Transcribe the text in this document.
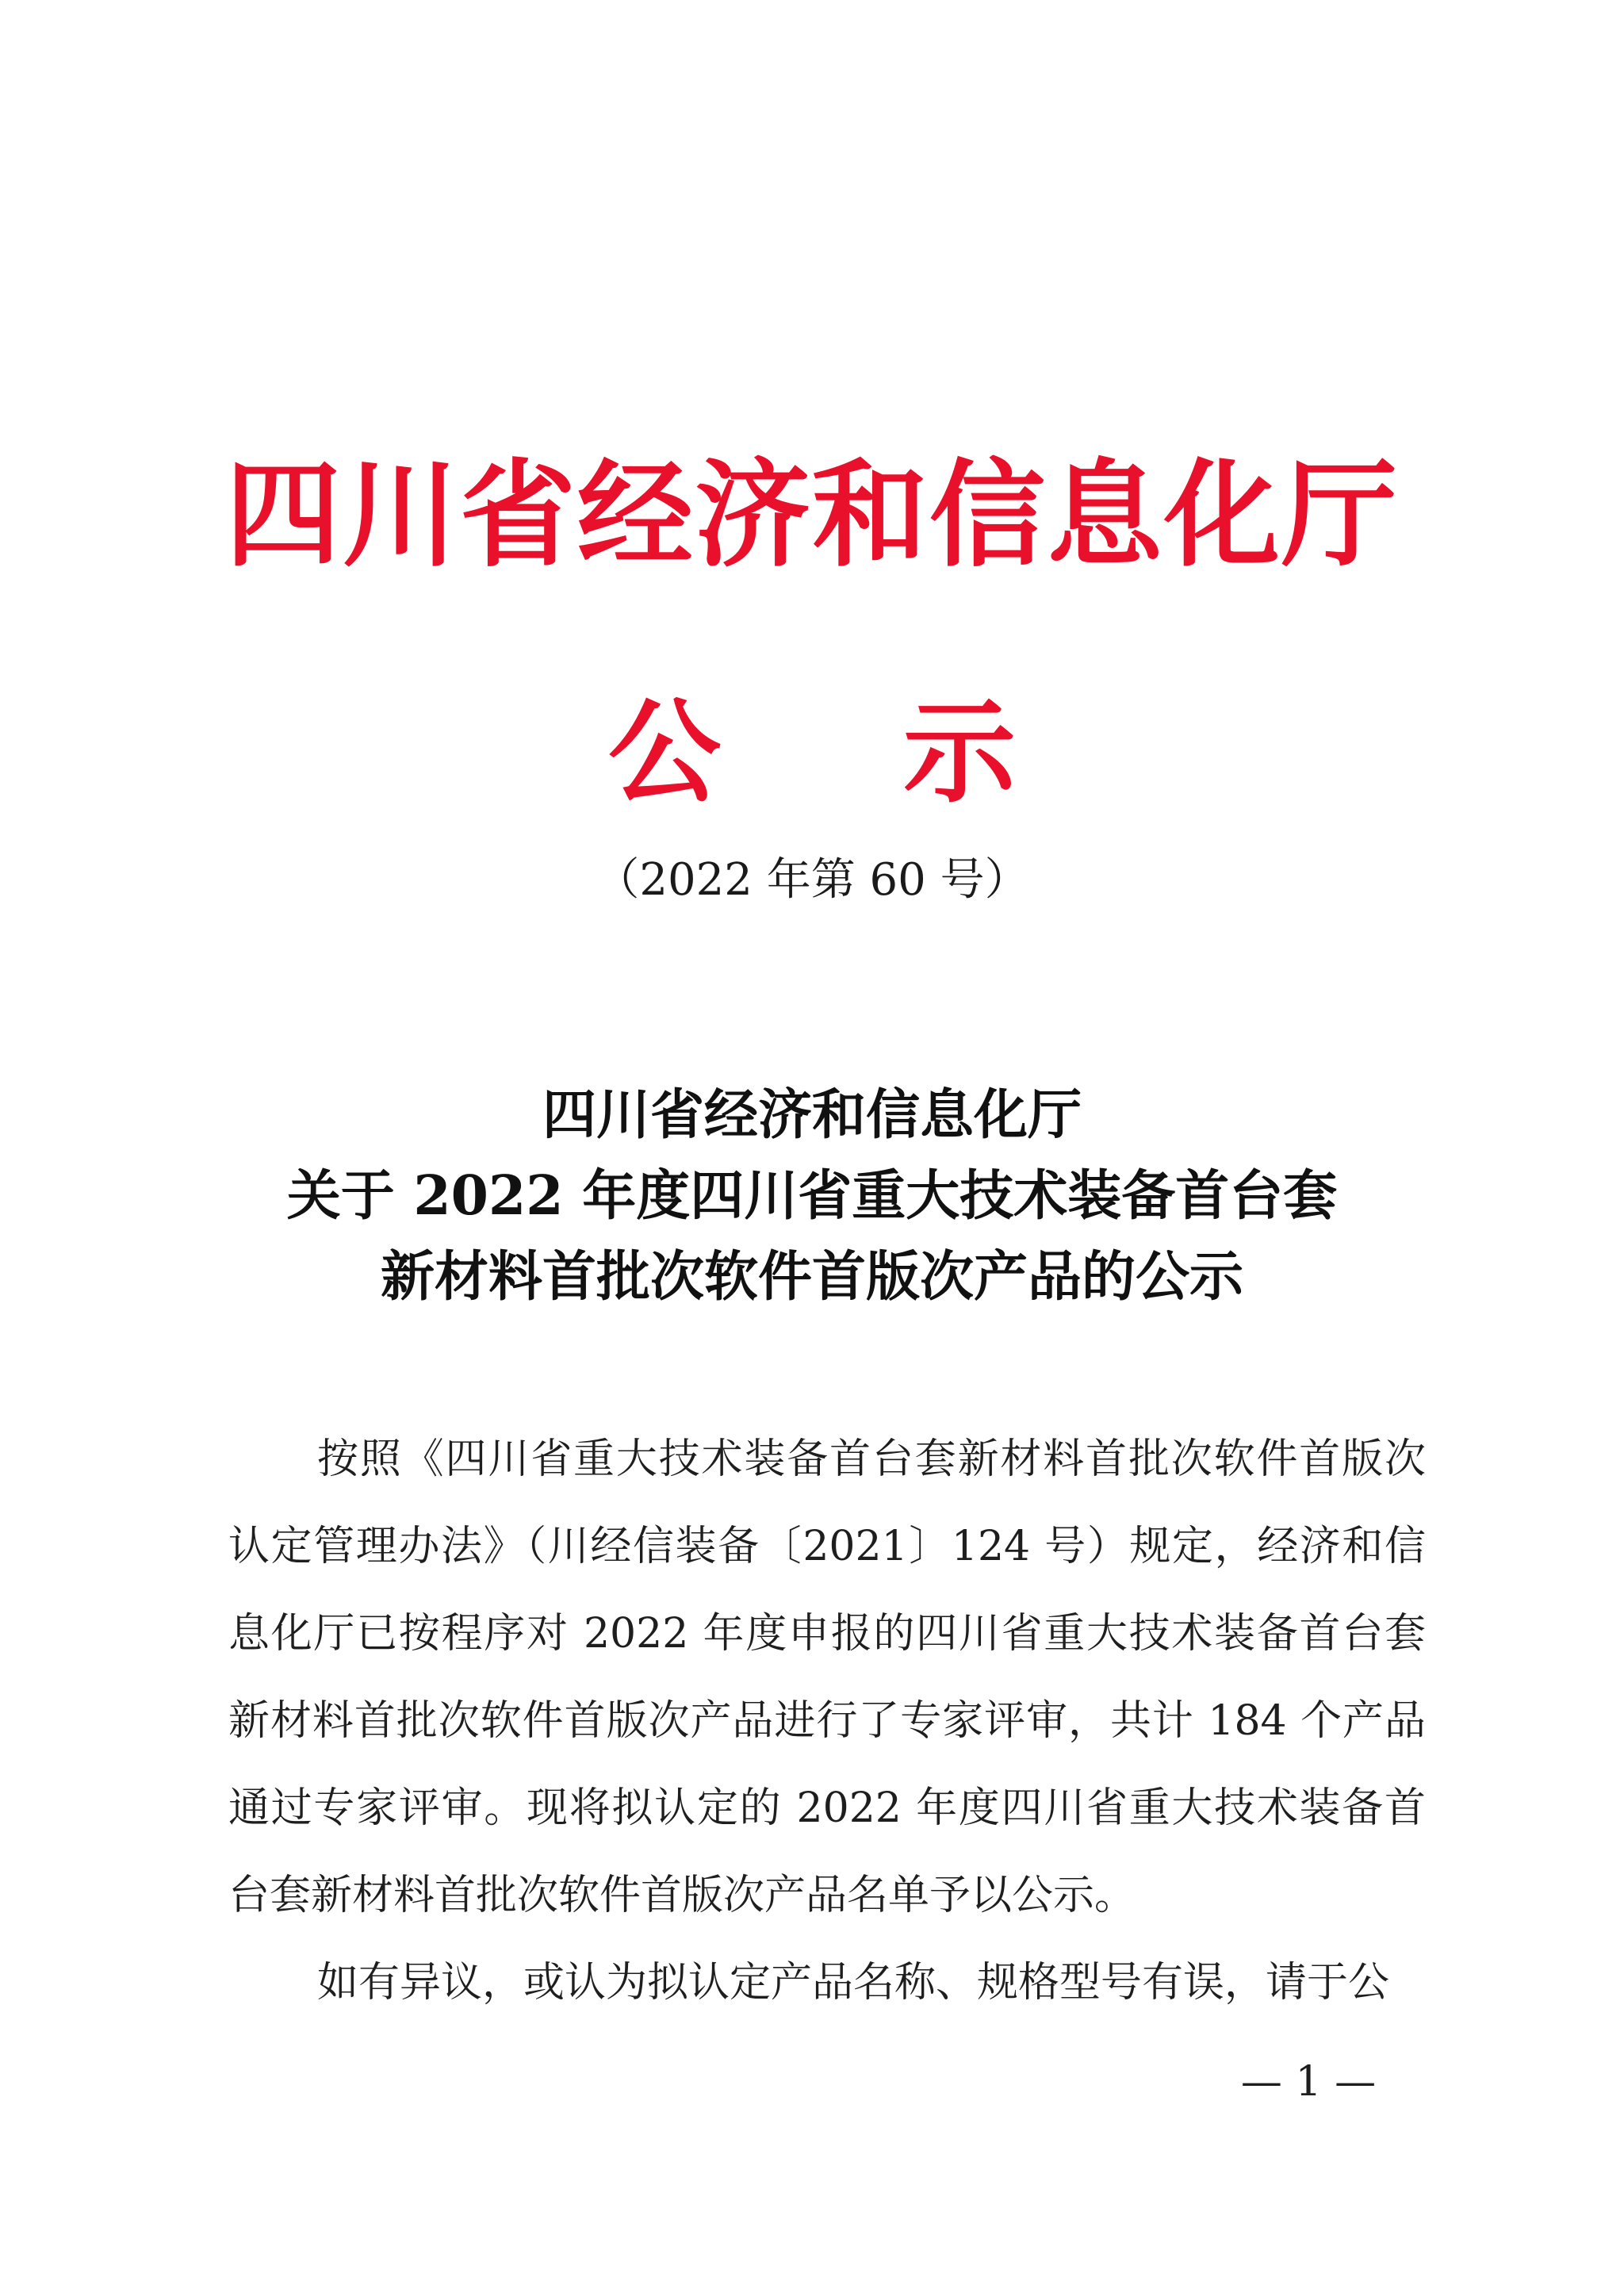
四川省经济和信息化厅
公 示
（2022 年第 60 号）
四川省经济和信息化厅
关于 2022 年度四川省重大技术装备首台套
新材料首批次软件首版次产品的公示
按照《四川省重大技术装备首台套新材料首批次软件首版次认定管理办法》（川经信装备〔2021〕124 号）规定，经济和信息化厅已按程序对 2022 年度申报的四川省重大技术装备首台套新材料首批次软件首版次产品进行了专家评审，共计 184 个产品通过专家评审。现将拟认定的 2022 年度四川省重大技术装备首台套新材料首批次软件首版次产品名单予以公示。
如有异议，或认为拟认定产品名称、规格型号有误，请于公
— 1 —
